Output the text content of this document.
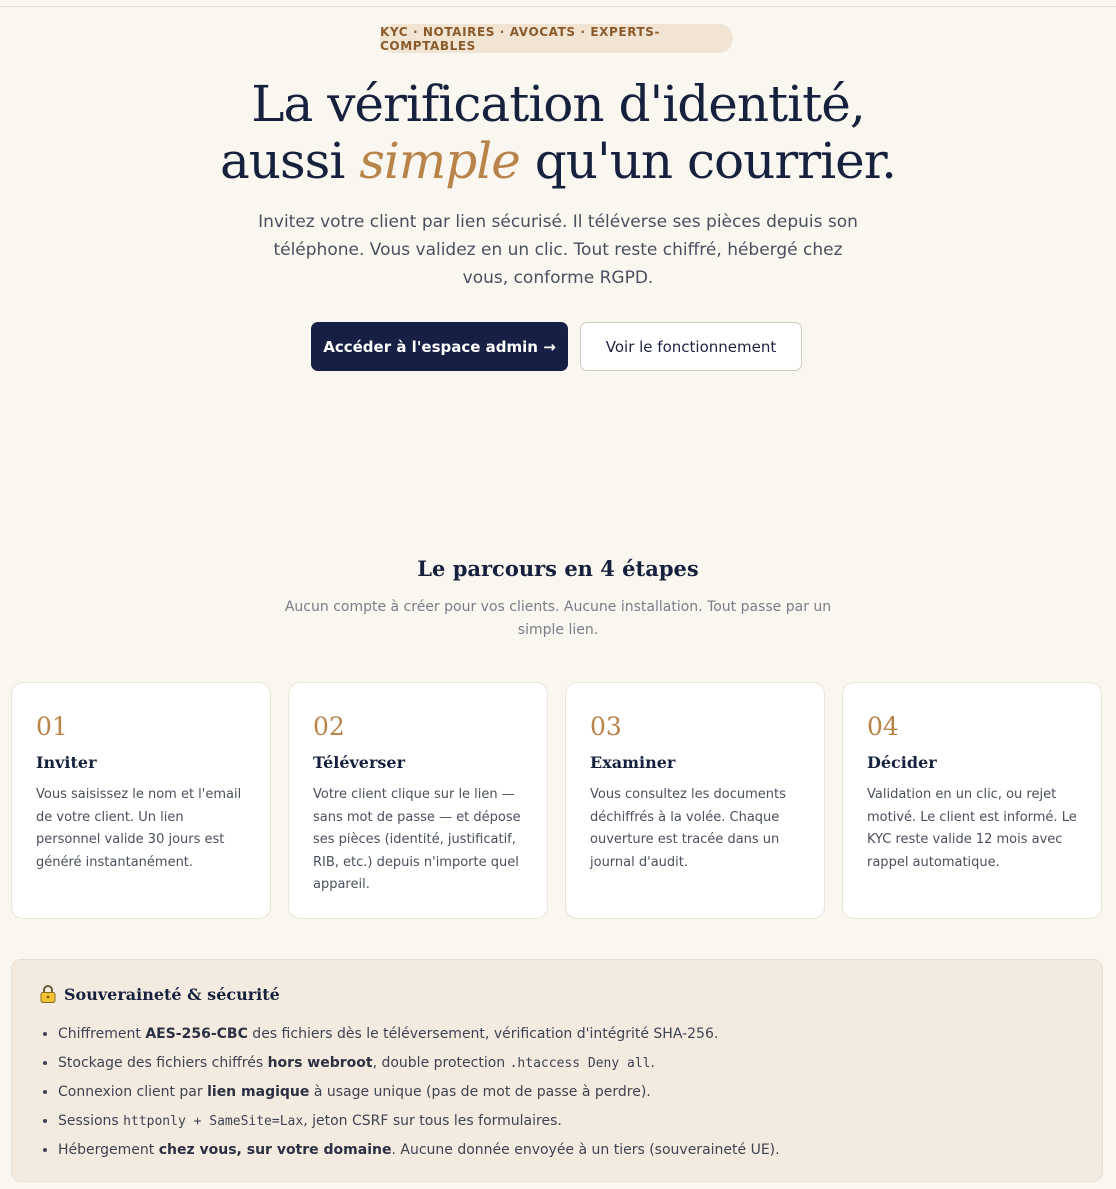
KYC · NOTAIRES · AVOCATS · EXPERTS-COMPTABLES
La vérification d'identité,
aussi simple qu'un courrier.

Invitez votre client par lien sécurisé. Il téléverse ses pièces depuis son téléphone. Vous validez en un clic. Tout reste chiffré, hébergé chez vous, conforme RGPD.

Accéder à l'espace admin →	Voir le fonctionnement
Le parcours en 4 étapes

Aucun compte à créer pour vos clients. Aucune installation. Tout passe par un simple lien.

01
Inviter
Vous saisissez le nom et l'email de votre client. Un lien personnel valide 30 jours est généré instantanément.
02
Téléverser
Votre client clique sur le lien — sans mot de passe — et dépose ses pièces (identité, justificatif, RIB, etc.) depuis n'importe quel appareil.
03
Examiner
Vous consultez les documents déchiffrés à la volée. Chaque ouverture est tracée dans un journal d'audit.
04
Décider
Validation en un clic, ou rejet motivé. Le client est informé. Le KYC reste valide 12 mois avec rappel automatique.
Souveraineté & sécurité
• Chiffrement AES-256-CBC des fichiers dès le téléversement, vérification d'intégrité SHA-256.
• Stockage des fichiers chiffrés hors webroot, double protection .htaccess Deny all.
• Connexion client par lien magique à usage unique (pas de mot de passe à perdre).
• Sessions httponly + SameSite=Lax, jeton CSRF sur tous les formulaires.
• Hébergement chez vous, sur votre domaine. Aucune donnée envoyée à un tiers (souveraineté UE).
